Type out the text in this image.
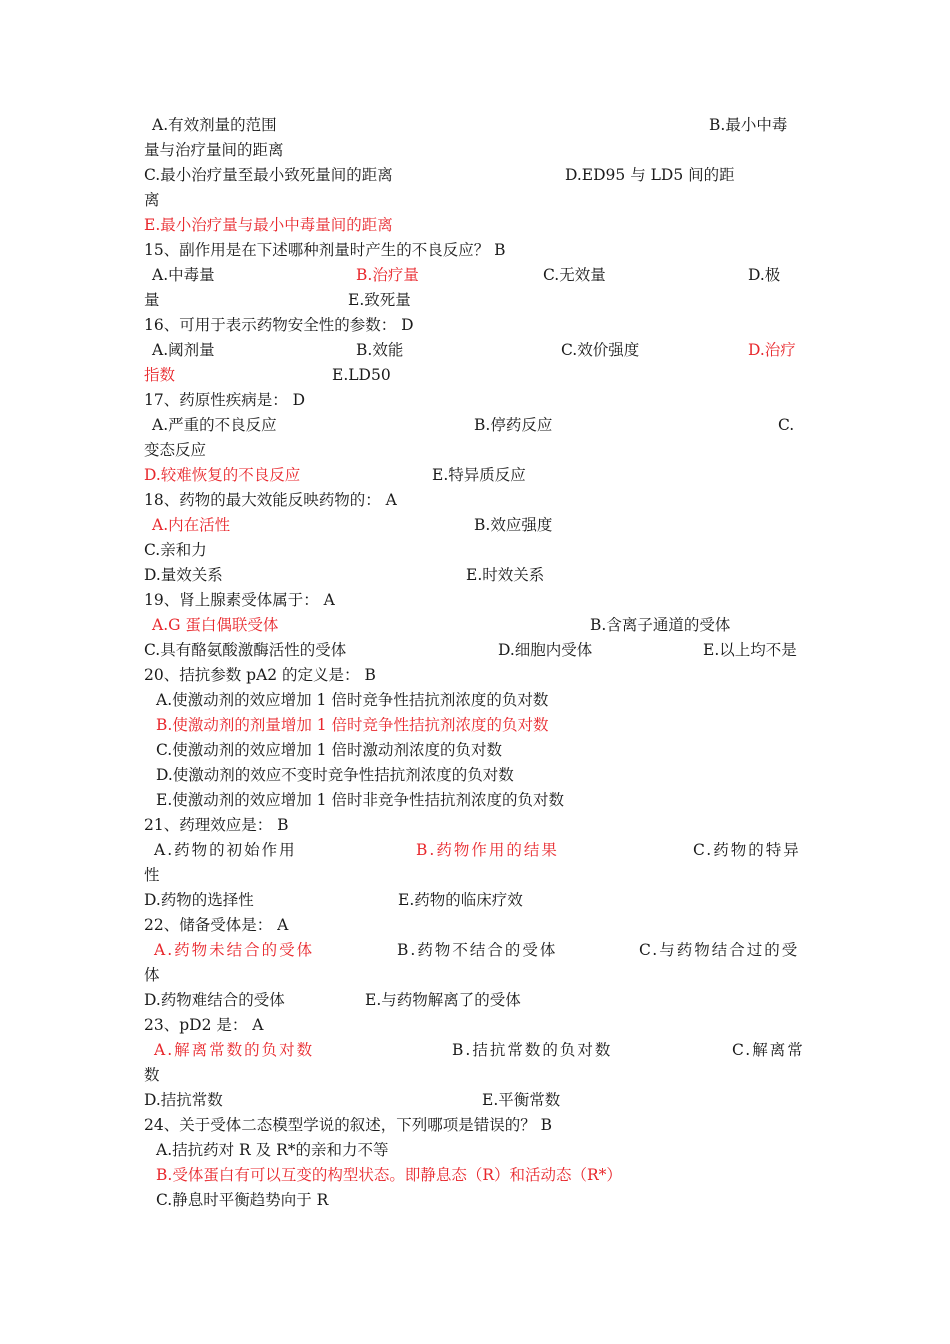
A.有效剂量的范围	B.最小中毒
量与治疗量间的距离
C.最小治疗量至最小致死量间的距离	D.ED95 与 LD5 间的距
离
E.最小治疗量与最小中毒量间的距离
15、副作用是在下述哪种剂量时产生的不良反应？ B
A.中毒量	B.治疗量	C.无效量	D.极
量	E.致死量
16、可用于表示药物安全性的参数： D
A.阈剂量	B.效能	C.效价强度	D.治疗
指数	E.LD50
17、药原性疾病是： D
A.严重的不良反应	B.停药反应	C.
变态反应
D.较难恢复的不良反应	E.特异质反应
18、药物的最大效能反映药物的： A
A.内在活性	B.效应强度
C.亲和力
D.量效关系	E.时效关系
19、肾上腺素受体属于： A
A.G 蛋白偶联受体	B.含离子通道的受体
C.具有酪氨酸激酶活性的受体	D.细胞内受体	E.以上均不是
20、拮抗参数 pA2 的定义是： B
A.使激动剂的效应增加 1 倍时竞争性拮抗剂浓度的负对数
B.使激动剂的剂量增加 1 倍时竞争性拮抗剂浓度的负对数
C.使激动剂的效应增加 1 倍时激动剂浓度的负对数
D.使激动剂的效应不变时竞争性拮抗剂浓度的负对数
E.使激动剂的效应增加 1 倍时非竞争性拮抗剂浓度的负对数
21、药理效应是： B
A.药物的初始作用	B.药物作用的结果	C.药物的特异
性
D.药物的选择性	E.药物的临床疗效
22、储备受体是： A
A.药物未结合的受体	B.药物不结合的受体	C.与药物结合过的受
体
D.药物难结合的受体	E.与药物解离了的受体
23、pD2 是： A
A.解离常数的负对数	B.拮抗常数的负对数	C.解离常
数
D.拮抗常数	E.平衡常数
24、关于受体二态模型学说的叙述，下列哪项是错误的？ B
A.拮抗药对 R 及 R*的亲和力不等
B.受体蛋白有可以互变的构型状态。即静息态（R）和活动态（R*）
C.静息时平衡趋势向于 R
